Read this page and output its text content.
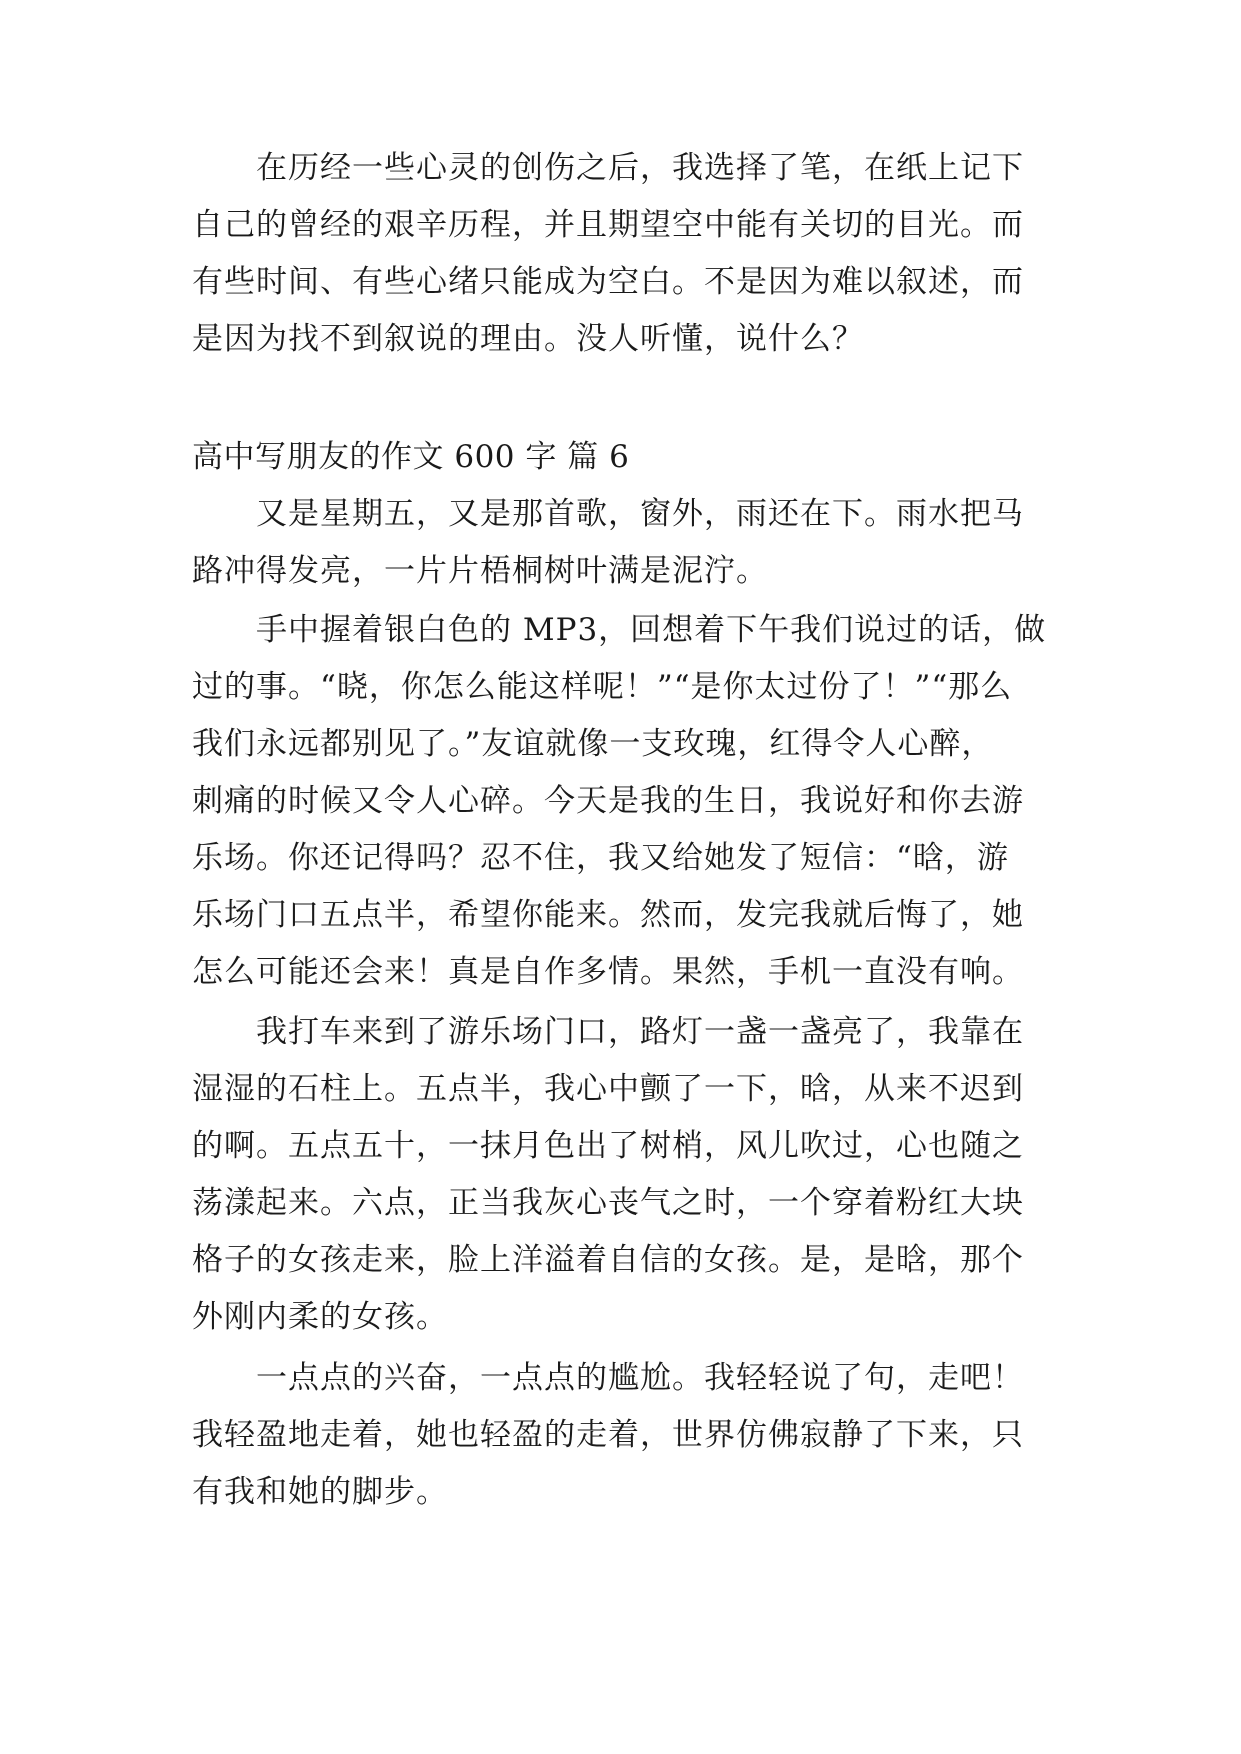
在历经一些心灵的创伤之后，我选择了笔，在纸上记下
自己的曾经的艰辛历程，并且期望空中能有关切的目光。而
有些时间、有些心绪只能成为空白。不是因为难以叙述，而
是因为找不到叙说的理由。没人听懂，说什么？
高中写朋友的作文 600 字 篇 6
又是星期五，又是那首歌，窗外，雨还在下。雨水把马
路冲得发亮，一片片梧桐树叶满是泥泞。
手中握着银白色的 MP3，回想着下午我们说过的话，做
过的事。“晓，你怎么能这样呢！”“是你太过份了！”“那么
我们永远都别见了。”友谊就像一支玫瑰，红得令人心醉，
刺痛的时候又令人心碎。今天是我的生日，我说好和你去游
乐场。你还记得吗？忍不住，我又给她发了短信：“晗，游
乐场门口五点半，希望你能来。然而，发完我就后悔了，她
怎么可能还会来！真是自作多情。果然，手机一直没有响。
我打车来到了游乐场门口，路灯一盏一盏亮了，我靠在
湿湿的石柱上。五点半，我心中颤了一下，晗，从来不迟到
的啊。五点五十，一抹月色出了树梢，风儿吹过，心也随之
荡漾起来。六点，正当我灰心丧气之时，一个穿着粉红大块
格子的女孩走来，脸上洋溢着自信的女孩。是，是晗，那个
外刚内柔的女孩。
一点点的兴奋，一点点的尴尬。我轻轻说了句，走吧！
我轻盈地走着，她也轻盈的走着，世界仿佛寂静了下来，只
有我和她的脚步。
